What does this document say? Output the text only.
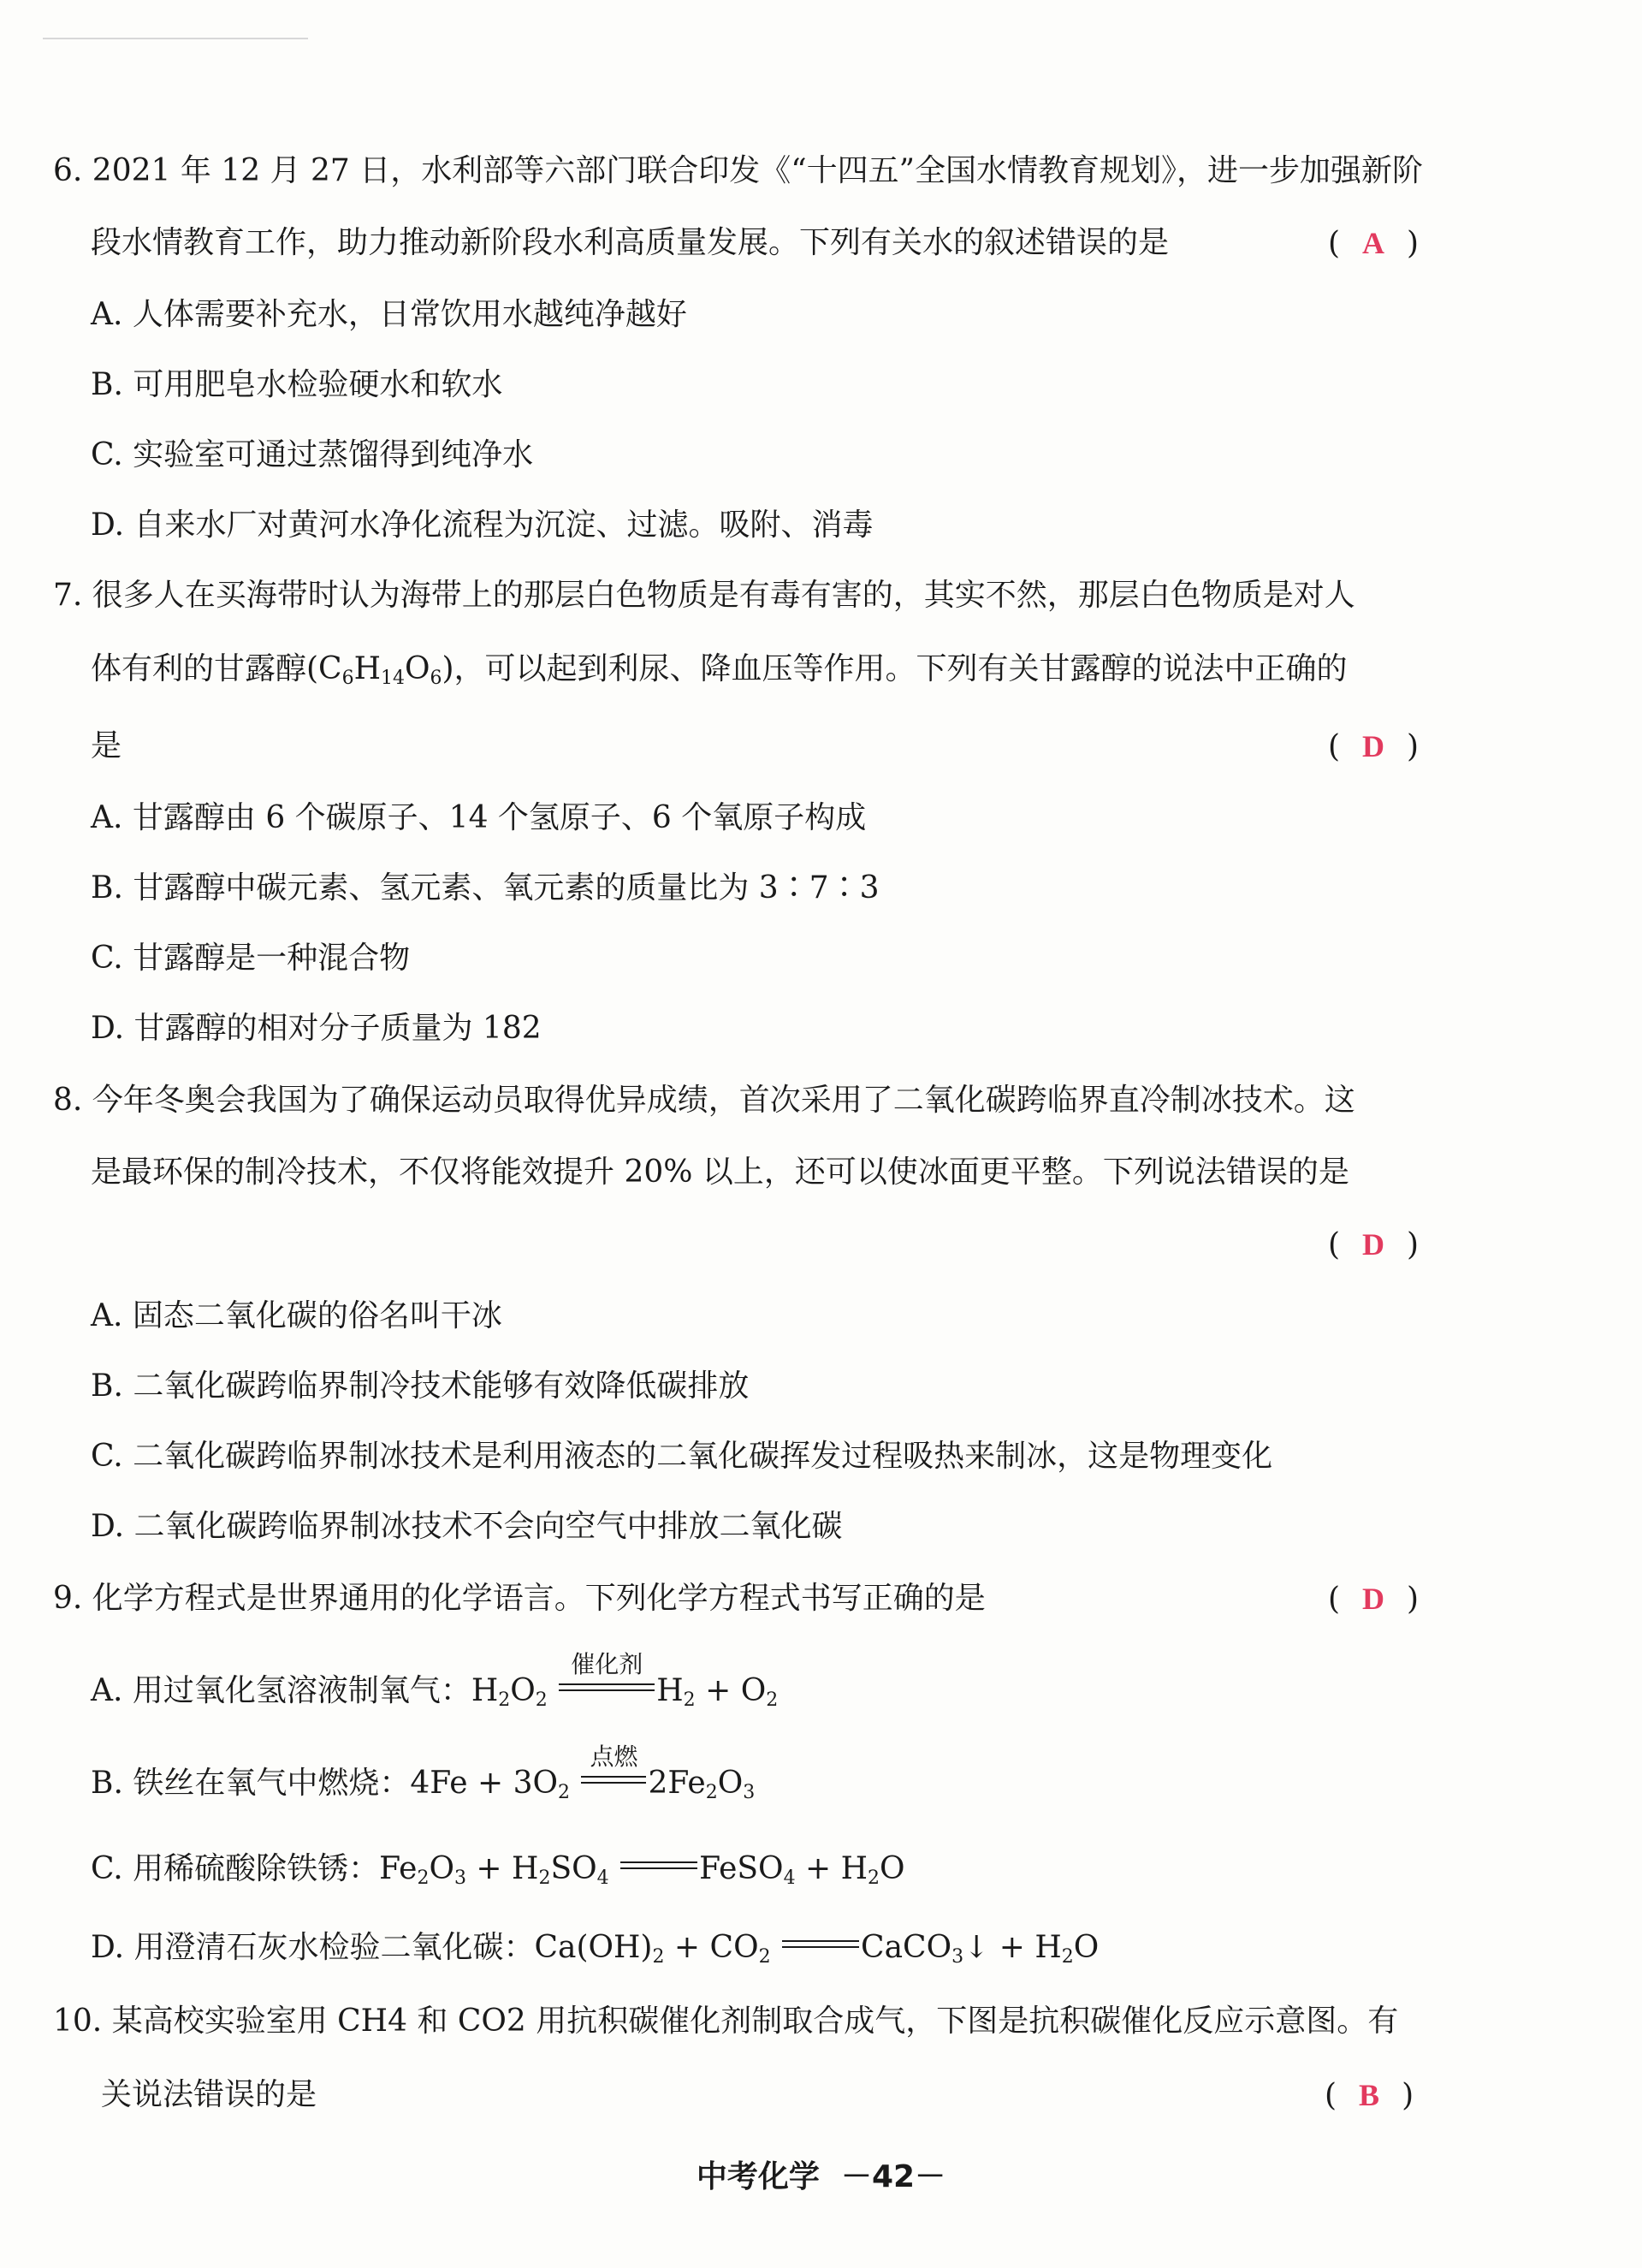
6. 2021 年 12 月 27 日，水利部等六部门联合印发《“十四五”全国水情教育规划》，进一步加强新阶
段水情教育工作，助力推动新阶段水利高质量发展。下列有关水的叙述错误的是	( A )
A. 人体需要补充水，日常饮用水越纯净越好
B. 可用肥皂水检验硬水和软水
C. 实验室可通过蒸馏得到纯净水
D. 自来水厂对黄河水净化流程为沉淀、过滤。吸附、消毒
7. 很多人在买海带时认为海带上的那层白色物质是有毒有害的，其实不然，那层白色物质是对人
体有利的甘露醇$(C_6H_{14}O_6)$，可以起到利尿、降血压等作用。下列有关甘露醇的说法中正确的
是	( D )
A. 甘露醇由 6 个碳原子、14 个氢原子、6 个氧原子构成
B. 甘露醇中碳元素、氢元素、氧元素的质量比为 3∶7∶3
C. 甘露醇是一种混合物
D. 甘露醇的相对分子质量为 182
8. 今年冬奥会我国为了确保运动员取得优异成绩，首次采用了二氧化碳跨临界直冷制冰技术。这
是最环保的制冷技术，不仅将能效提升 20% 以上，还可以使冰面更平整。下列说法错误的是
( D )
A. 固态二氧化碳的俗名叫干冰
B. 二氧化碳跨临界制冷技术能够有效降低碳排放
C. 二氧化碳跨临界制冰技术是利用液态的二氧化碳挥发过程吸热来制冰，这是物理变化
D. 二氧化碳跨临界制冰技术不会向空气中排放二氧化碳
9. 化学方程式是世界通用的化学语言。下列化学方程式书写正确的是	( D )
A. 用过氧化氢溶液制氧气：$H_2O_2$
催化剂
$H_2 + O_2$
B. 铁丝在氧气中燃烧：$4Fe + 3O_2$
点燃
$2Fe_2O_3$
C. 用稀硫酸除铁锈：$Fe_2O_3 + H_2SO_4$	FeSO$_4$ + $H_2O$
D. 用澄清石灰水检验二氧化碳：$Ca(OH)_2 + CO_2$	CaCO$_3$↓ + $H_2O$
10. 某高校实验室用 CH4 和 CO2 用抗积碳催化剂制取合成气，下图是抗积碳催化反应示意图。有
关说法错误的是	( B )
中考化学 －42－
